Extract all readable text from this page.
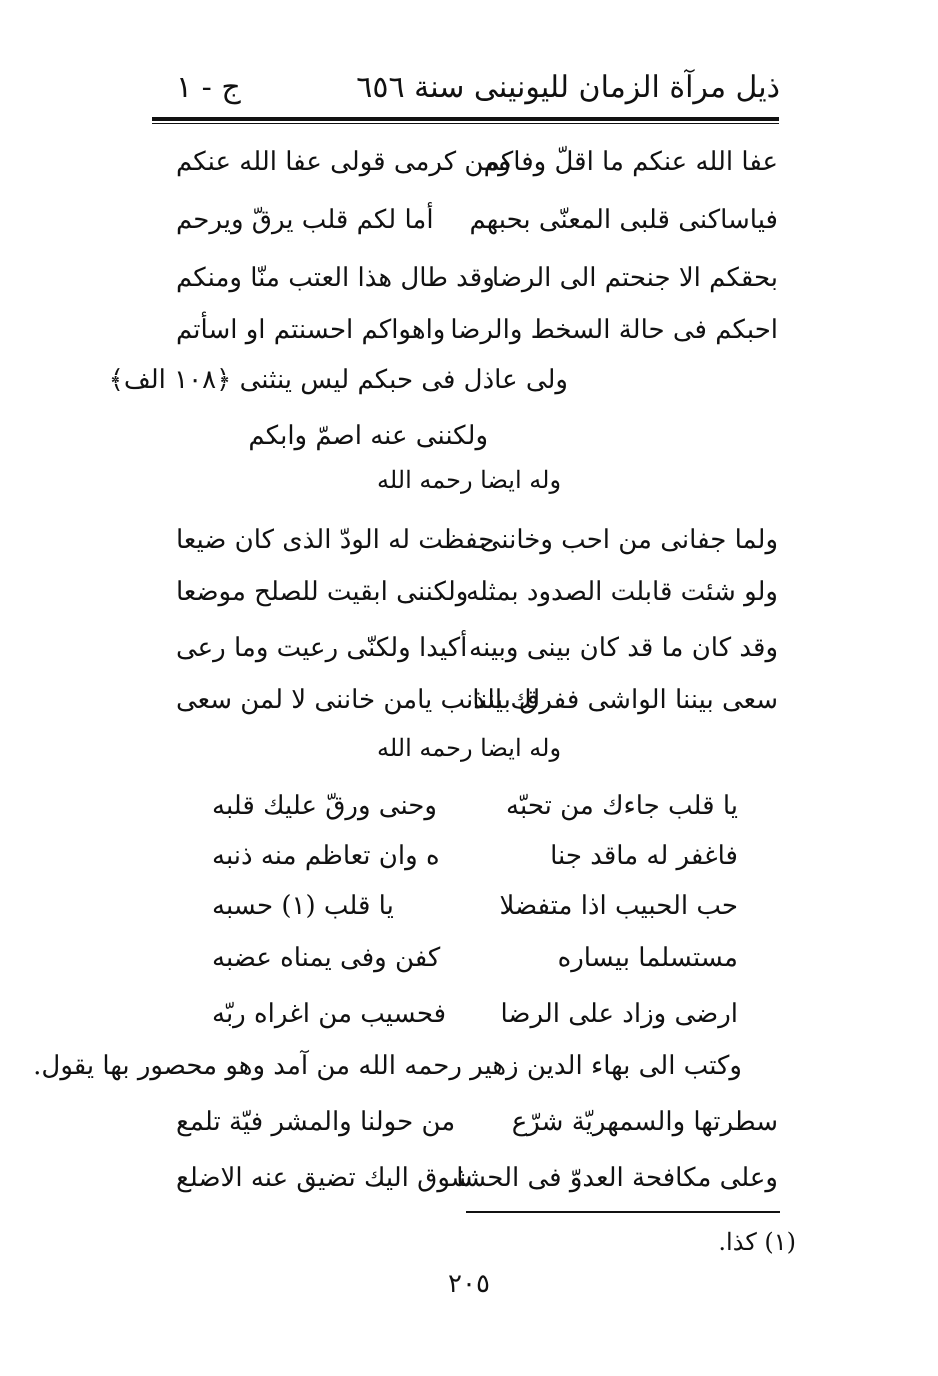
ذيل مرآة الزمان لليونينى سنة ٦٥٦
ج - ١
عفا الله عنكم ما اقلّ وفاكم
ومن كرمى قولى عفا الله عنكم
فياساكنى قلبى المعنّى بحبهم
أما لكم قلب يرقّ ويرحم
بحقكم الا جنحتم الى الرضا
وقد طال هذا العتب منّا ومنكم
احبكم فى حالة السخط والرضا
واهواكم احسنتم او اسأتم
ولى عاذل فى حبكم ليس ينثنى ﴿١٠٨ الف﴾
ولكننى عنه اصمّ وابكم
وله ايضا رحمه الله
ولما جفانى من احب وخاننى
حفظت له الودّ الذى كان ضيعا
ولو شئت قابلت الصدود بمثله
ولكننى ابقيت للصلح موضعا
وقد كان ما قد كان بينى وبينه
أكيدا ولكنّى رعيت وما رعى
سعى بيننا الواشى ففرق بيننا
لك الذنب يامن خاننى لا لمن سعى
وله ايضا رحمه الله
يا قلب جاءك من تحبّه
وحنى ورقّ عليك قلبه
فاغفر له ماقد جنا
ه وان تعاظم منه ذنبه
حب الحبيب اذا متفضلا
يا قلب (١) حسبه
مستسلما بيساره
كفن وفى يمناه عضبه
ارضى وزاد على الرضا
فحسيب من اغراه ربّه
وكتب الى بهاء الدين زهير رحمه الله من آمد وهو محصور بها يقول.
سطرتها والسمهريّة شرّع
من حولنا والمشر فيّة تلمع
وعلى مكافحة العدوّ فى الحشا
شوق اليك تضيق عنه الاضلع
(١) كذا.
٢٠٥
